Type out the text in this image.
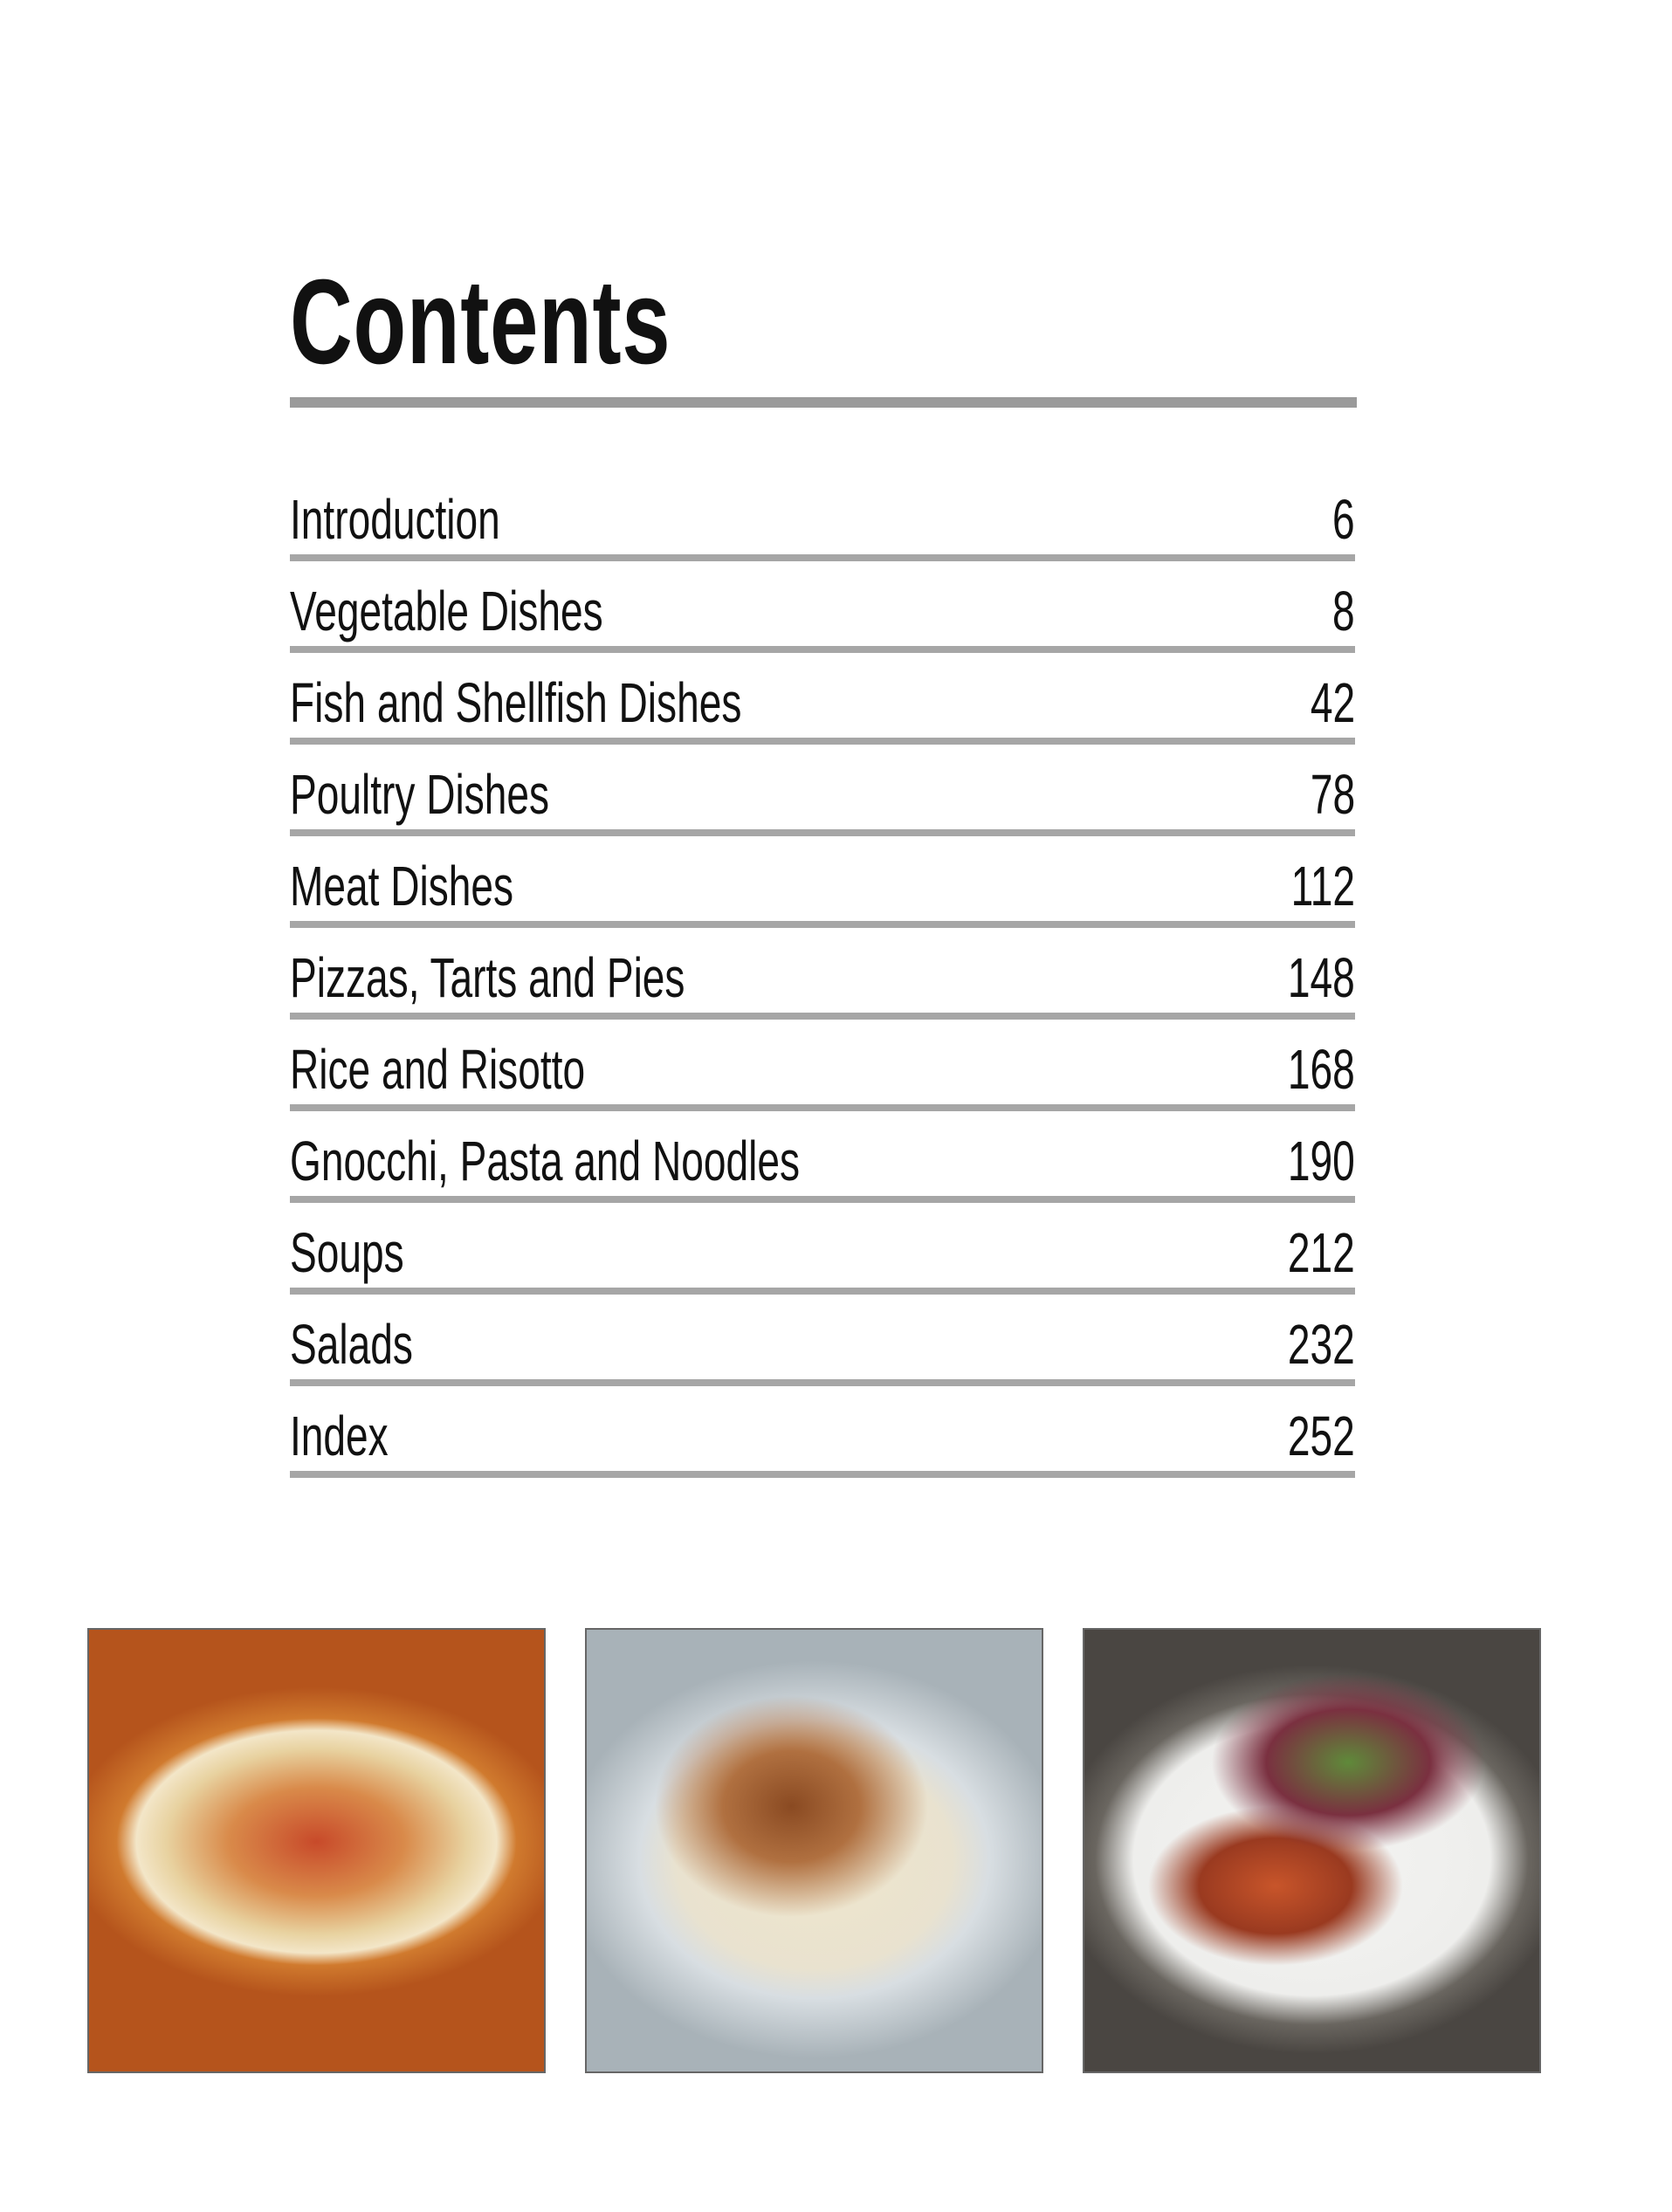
Contents
Introduction	6
Vegetable Dishes	8
Fish and Shellfish Dishes	42
Poultry Dishes	78
Meat Dishes	112
Pizzas, Tarts and Pies	148
Rice and Risotto	168
Gnocchi, Pasta and Noodles	190
Soups	212
Salads	232
Index	252
